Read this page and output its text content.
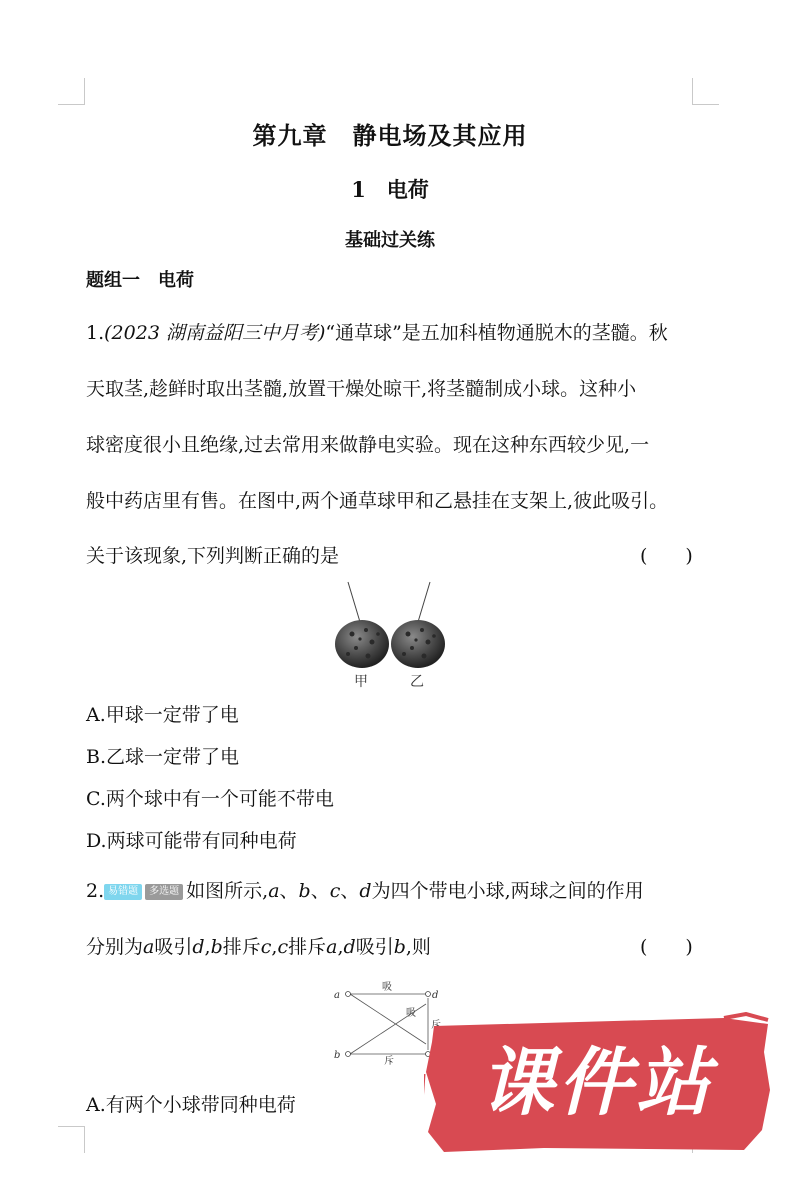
第九章　静电场及其应用
1　电荷
基础过关练
题组一　电荷
1.(2023 湖南益阳三中月考)“通草球”是五加科植物通脱木的茎髓。秋
天取茎,趁鲜时取出茎髓,放置干燥处晾干,将茎髓制成小球。这种小
球密度很小且绝缘,过去常用来做静电实验。现在这种东西较少见,一
般中药店里有售。在图中,两个通草球甲和乙悬挂在支架上,彼此吸引。
关于该现象,下列判断正确的是	(　　)
甲	乙
A.甲球一定带了电
B.乙球一定带了电
C.两个球中有一个可能不带电
D.两球可能带有同种电荷
2. 易错题 多选题 如图所示,a、b、c、d为四个带电小球,两球之间的作用
分别为a吸引d,b排斥c,c排斥a,d吸引b,则	(　　)
a	d
b
吸
吸
斥
斥
A.有两个小球带同种电荷	课件站
